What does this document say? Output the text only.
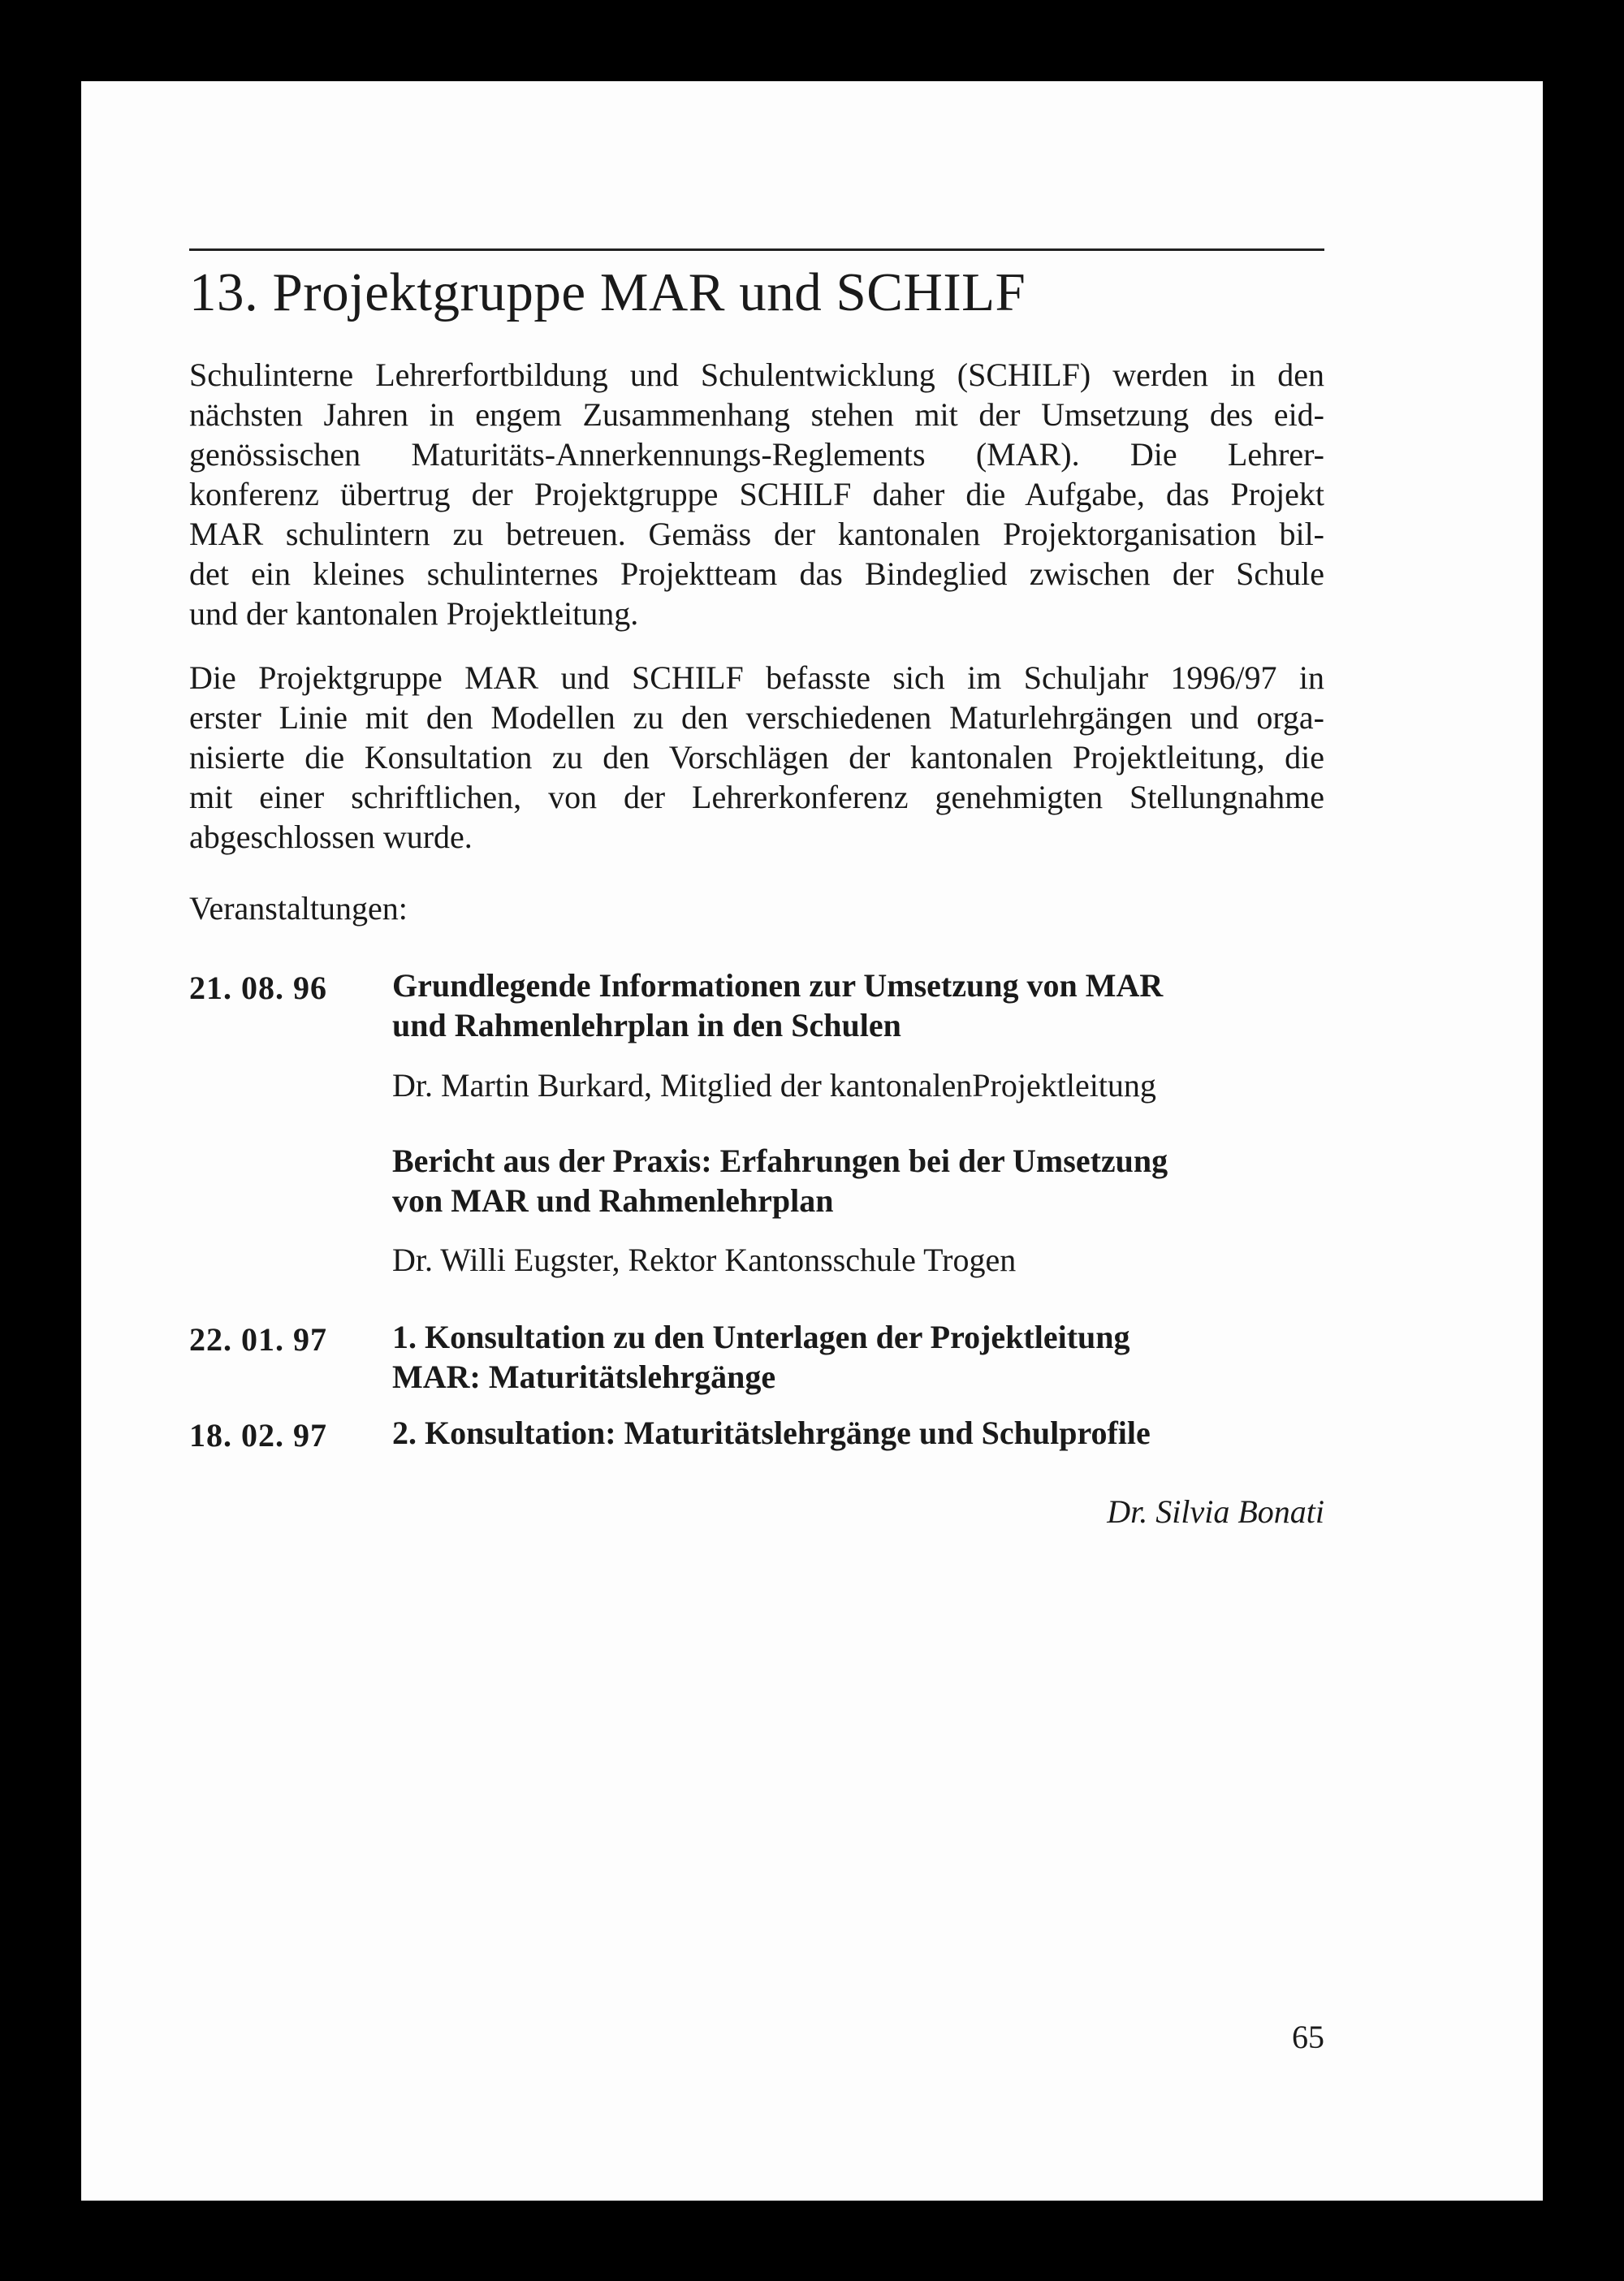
13. Projektgruppe MAR und SCHILF
Schulinterne Lehrerfortbildung und Schulentwicklung (SCHILF) werden in den
nächsten Jahren in engem Zusammenhang stehen mit der Umsetzung des eid-
genössischen Maturitäts-Annerkennungs-Reglements (MAR). Die Lehrer-
konferenz übertrug der Projektgruppe SCHILF daher die Aufgabe, das Projekt
MAR schulintern zu betreuen. Gemäss der kantonalen Projektorganisation bil-
det ein kleines schulinternes Projektteam das Bindeglied zwischen der Schule
und der kantonalen Projektleitung.
Die Projektgruppe MAR und SCHILF befasste sich im Schuljahr 1996/97 in
erster Linie mit den Modellen zu den verschiedenen Maturlehrgängen und orga-
nisierte die Konsultation zu den Vorschlägen der kantonalen Projektleitung, die
mit einer schriftlichen, von der Lehrerkonferenz genehmigten Stellungnahme
abgeschlossen wurde.

Veranstaltungen:

21. 08. 96 Grundlegende Informationen zur Umsetzung von MAR
und Rahmenlehrplan in den Schulen
Dr. Martin Burkard, Mitglied der kantonalenProjektleitung
Bericht aus der Praxis: Erfahrungen bei der Umsetzung
von MAR und Rahmenlehrplan
Dr. Willi Eugster, Rektor Kantonsschule Trogen
22. 01. 97 1. Konsultation zu den Unterlagen der Projektleitung
MAR: Maturitätslehrgänge
18. 02. 97 2. Konsultation: Maturitätslehrgänge und Schulprofile
Dr. Silvia Bonati
65
